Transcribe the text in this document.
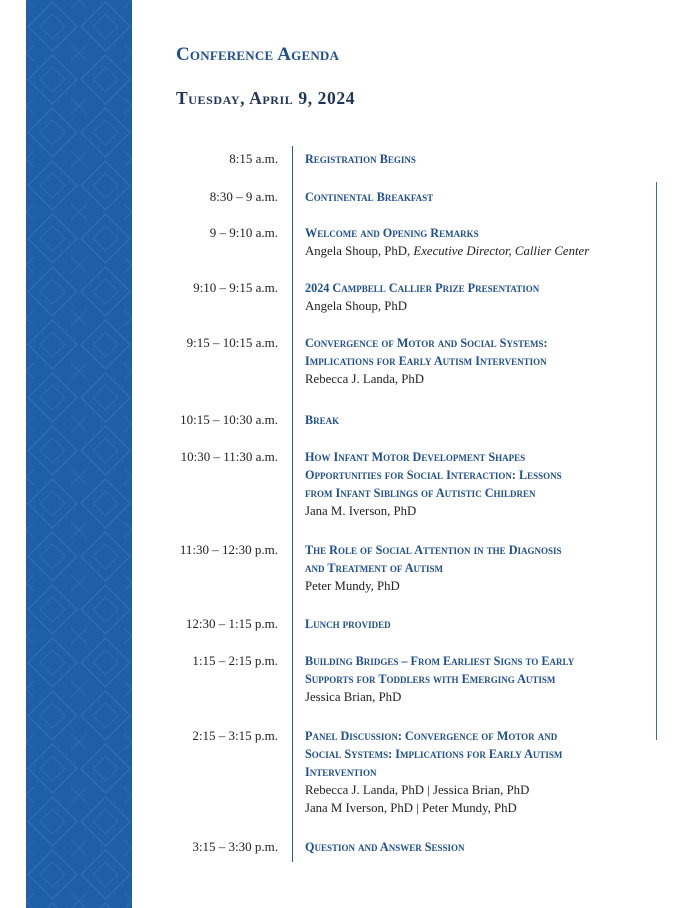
Conference Agenda
Tuesday, April 9, 2024
8:15 a.m. Registration Begins
8:30 – 9 a.m. Continental Breakfast
9 – 9:10 a.m. Welcome and Opening Remarks
Angela Shoup, PhD, Executive Director, Callier Center
9:10 – 9:15 a.m. 2024 Campbell Callier Prize Presentation
Angela Shoup, PhD
9:15 – 10:15 a.m. Convergence of Motor and Social Systems:
Implications for Early Autism Intervention
Rebecca J. Landa, PhD
10:15 – 10:30 a.m. Break
10:30 – 11:30 a.m. How Infant Motor Development Shapes
Opportunities for Social Interaction: Lessons
from Infant Siblings of Autistic Children
Jana M. Iverson, PhD
11:30 – 12:30 p.m. The Role of Social Attention in the Diagnosis
and Treatment of Autism
Peter Mundy, PhD
12:30 – 1:15 p.m. Lunch provided
1:15 – 2:15 p.m. Building Bridges – From Earliest Signs to Early
Supports for Toddlers with Emerging Autism
Jessica Brian, PhD
2:15 – 3:15 p.m. Panel Discussion: Convergence of Motor and
Social Systems: Implications for Early Autism
Intervention
Rebecca J. Landa, PhD | Jessica Brian, PhD
Jana M Iverson, PhD | Peter Mundy, PhD
3:15 – 3:30 p.m. Question and Answer Session
